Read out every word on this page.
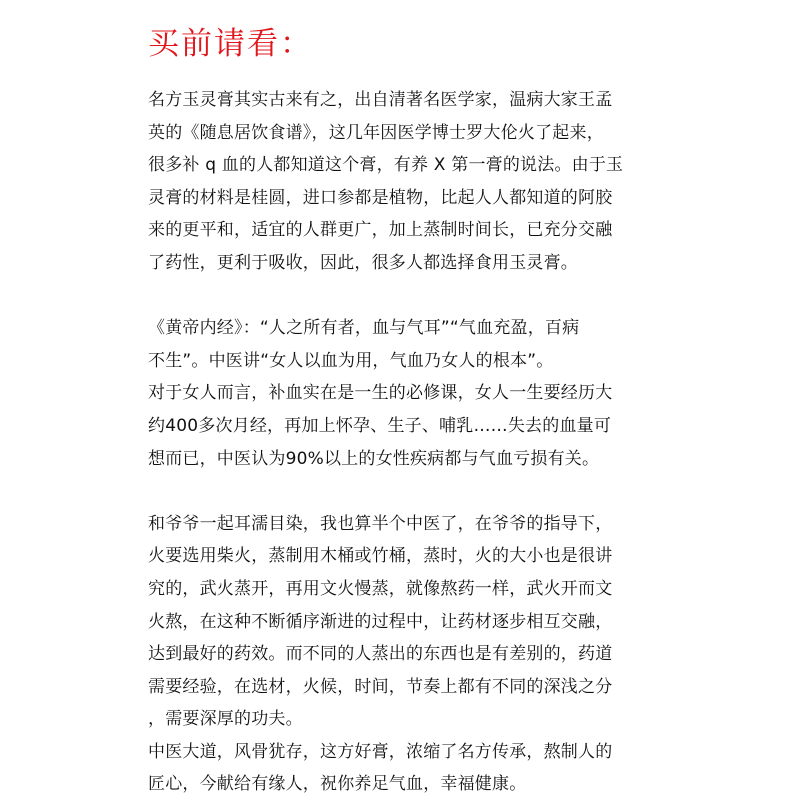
买前请看：
名方玉灵膏其实古来有之，出自清著名医学家，温病大家王孟
英的《随息居饮食谱》，这几年因医学博士罗大伦火了起来，
很多补 q 血的人都知道这个膏，有养 X 第一膏的说法。由于玉
灵膏的材料是桂圆，进口参都是植物，比起人人都知道的阿胶
来的更平和，适宜的人群更广，加上蒸制时间长，已充分交融
了药性，更利于吸收，因此，很多人都选择食用玉灵膏。
《黄帝内经》：“人之所有者，血与气耳”“气血充盈，百病
不生”。中医讲“女人以血为用，气血乃女人的根本”。
对于女人而言，补血实在是一生的必修课，女人一生要经历大
约400多次月经，再加上怀孕、生子、哺乳……失去的血量可
想而已，中医认为90%以上的女性疾病都与气血亏损有关。
和爷爷一起耳濡目染，我也算半个中医了，在爷爷的指导下，
火要选用柴火，蒸制用木桶或竹桶，蒸时，火的大小也是很讲
究的，武火蒸开，再用文火慢蒸，就像熬药一样，武火开而文
火熬，在这种不断循序渐进的过程中，让药材逐步相互交融，
达到最好的药效。而不同的人蒸出的东西也是有差别的，药道
需要经验，在选材，火候，时间，节奏上都有不同的深浅之分
，需要深厚的功夫。
中医大道，风骨犹存，这方好膏，浓缩了名方传承，熬制人的
匠心，今献给有缘人，祝你养足气血，幸福健康。
